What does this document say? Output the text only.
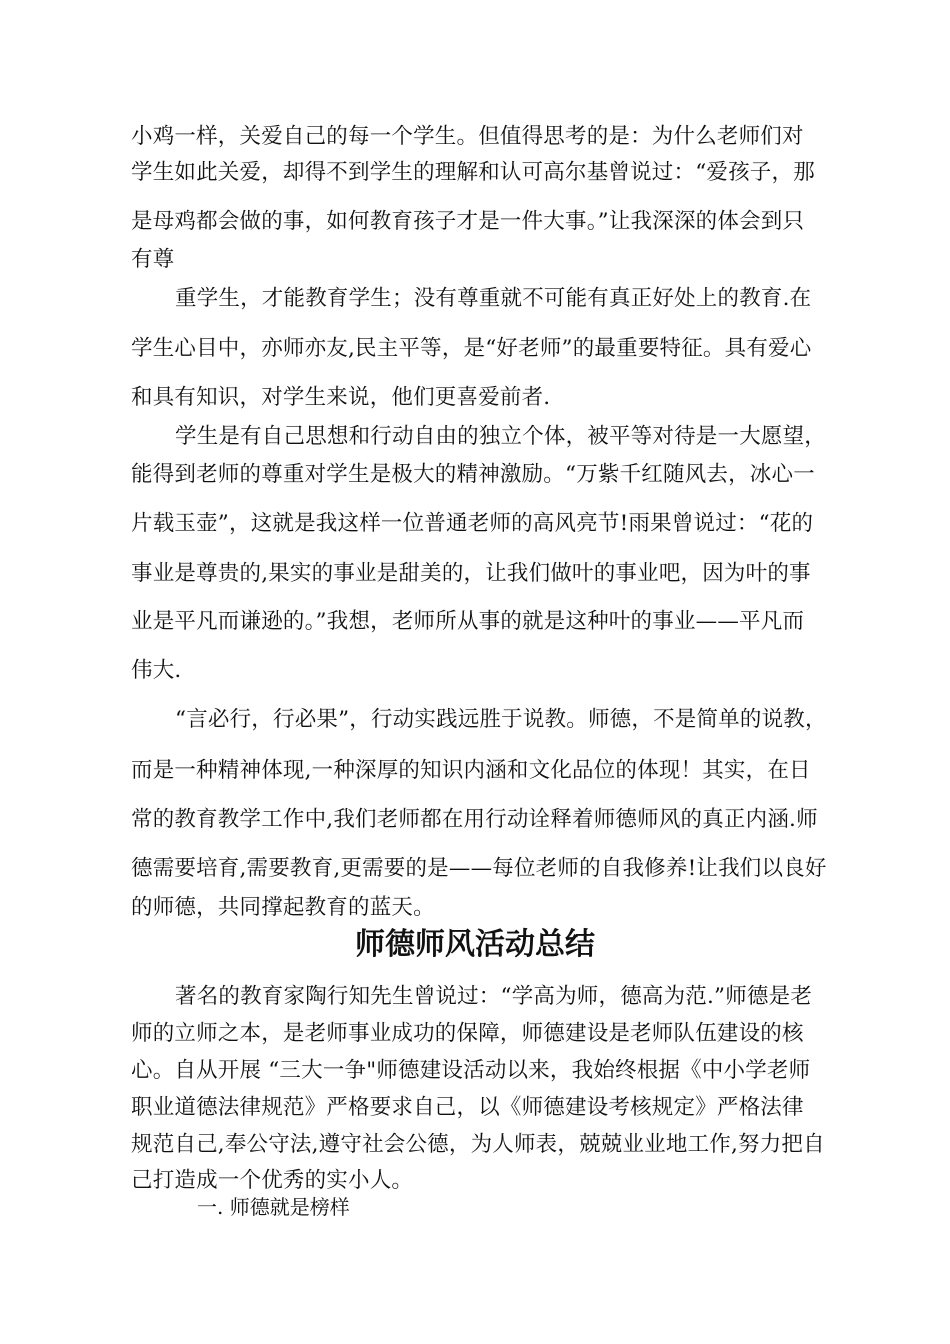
小鸡一样，关爱自己的每一个学生。但值得思考的是：为什么老师们对

学生如此关爱，却得不到学生的理解和认可高尔基曾说过：“爱孩子，那

是母鸡都会做的事，如何教育孩子才是一件大事。”让我深深的体会到只

有尊

重学生，才能教育学生；没有尊重就不可能有真正好处上的教育.在

学生心目中，亦师亦友,民主平等，是“好老师”的最重要特征。具有爱心

和具有知识，对学生来说，他们更喜爱前者.

学生是有自己思想和行动自由的独立个体，被平等对待是一大愿望，

能得到老师的尊重对学生是极大的精神激励。“万紫千红随风去，冰心一

片载玉壶”，这就是我这样一位普通老师的高风亮节!雨果曾说过：“花的

事业是尊贵的,果实的事业是甜美的，让我们做叶的事业吧，因为叶的事

业是平凡而谦逊的。”我想，老师所从事的就是这种叶的事业——平凡而

伟大.

“言必行，行必果”，行动实践远胜于说教。师德，不是简单的说教，

而是一种精神体现,一种深厚的知识内涵和文化品位的体现！其实，在日

常的教育教学工作中,我们老师都在用行动诠释着师德师风的真正内涵.师

德需要培育,需要教育,更需要的是——每位老师的自我修养!让我们以良好

的师德，共同撑起教育的蓝天。

师德师风活动总结

著名的教育家陶行知先生曾说过：“学高为师，德高为范.”师德是老

师的立师之本，是老师事业成功的保障，师德建设是老师队伍建设的核

心。自从开展 “三大一争"师德建设活动以来，我始终根据《中小学老师

职业道德法律规范》严格要求自己，以《师德建设考核规定》严格法律

规范自己,奉公守法,遵守社会公德，为人师表，兢兢业业地工作,努力把自

己打造成一个优秀的实小人。

一. 师德就是榜样
